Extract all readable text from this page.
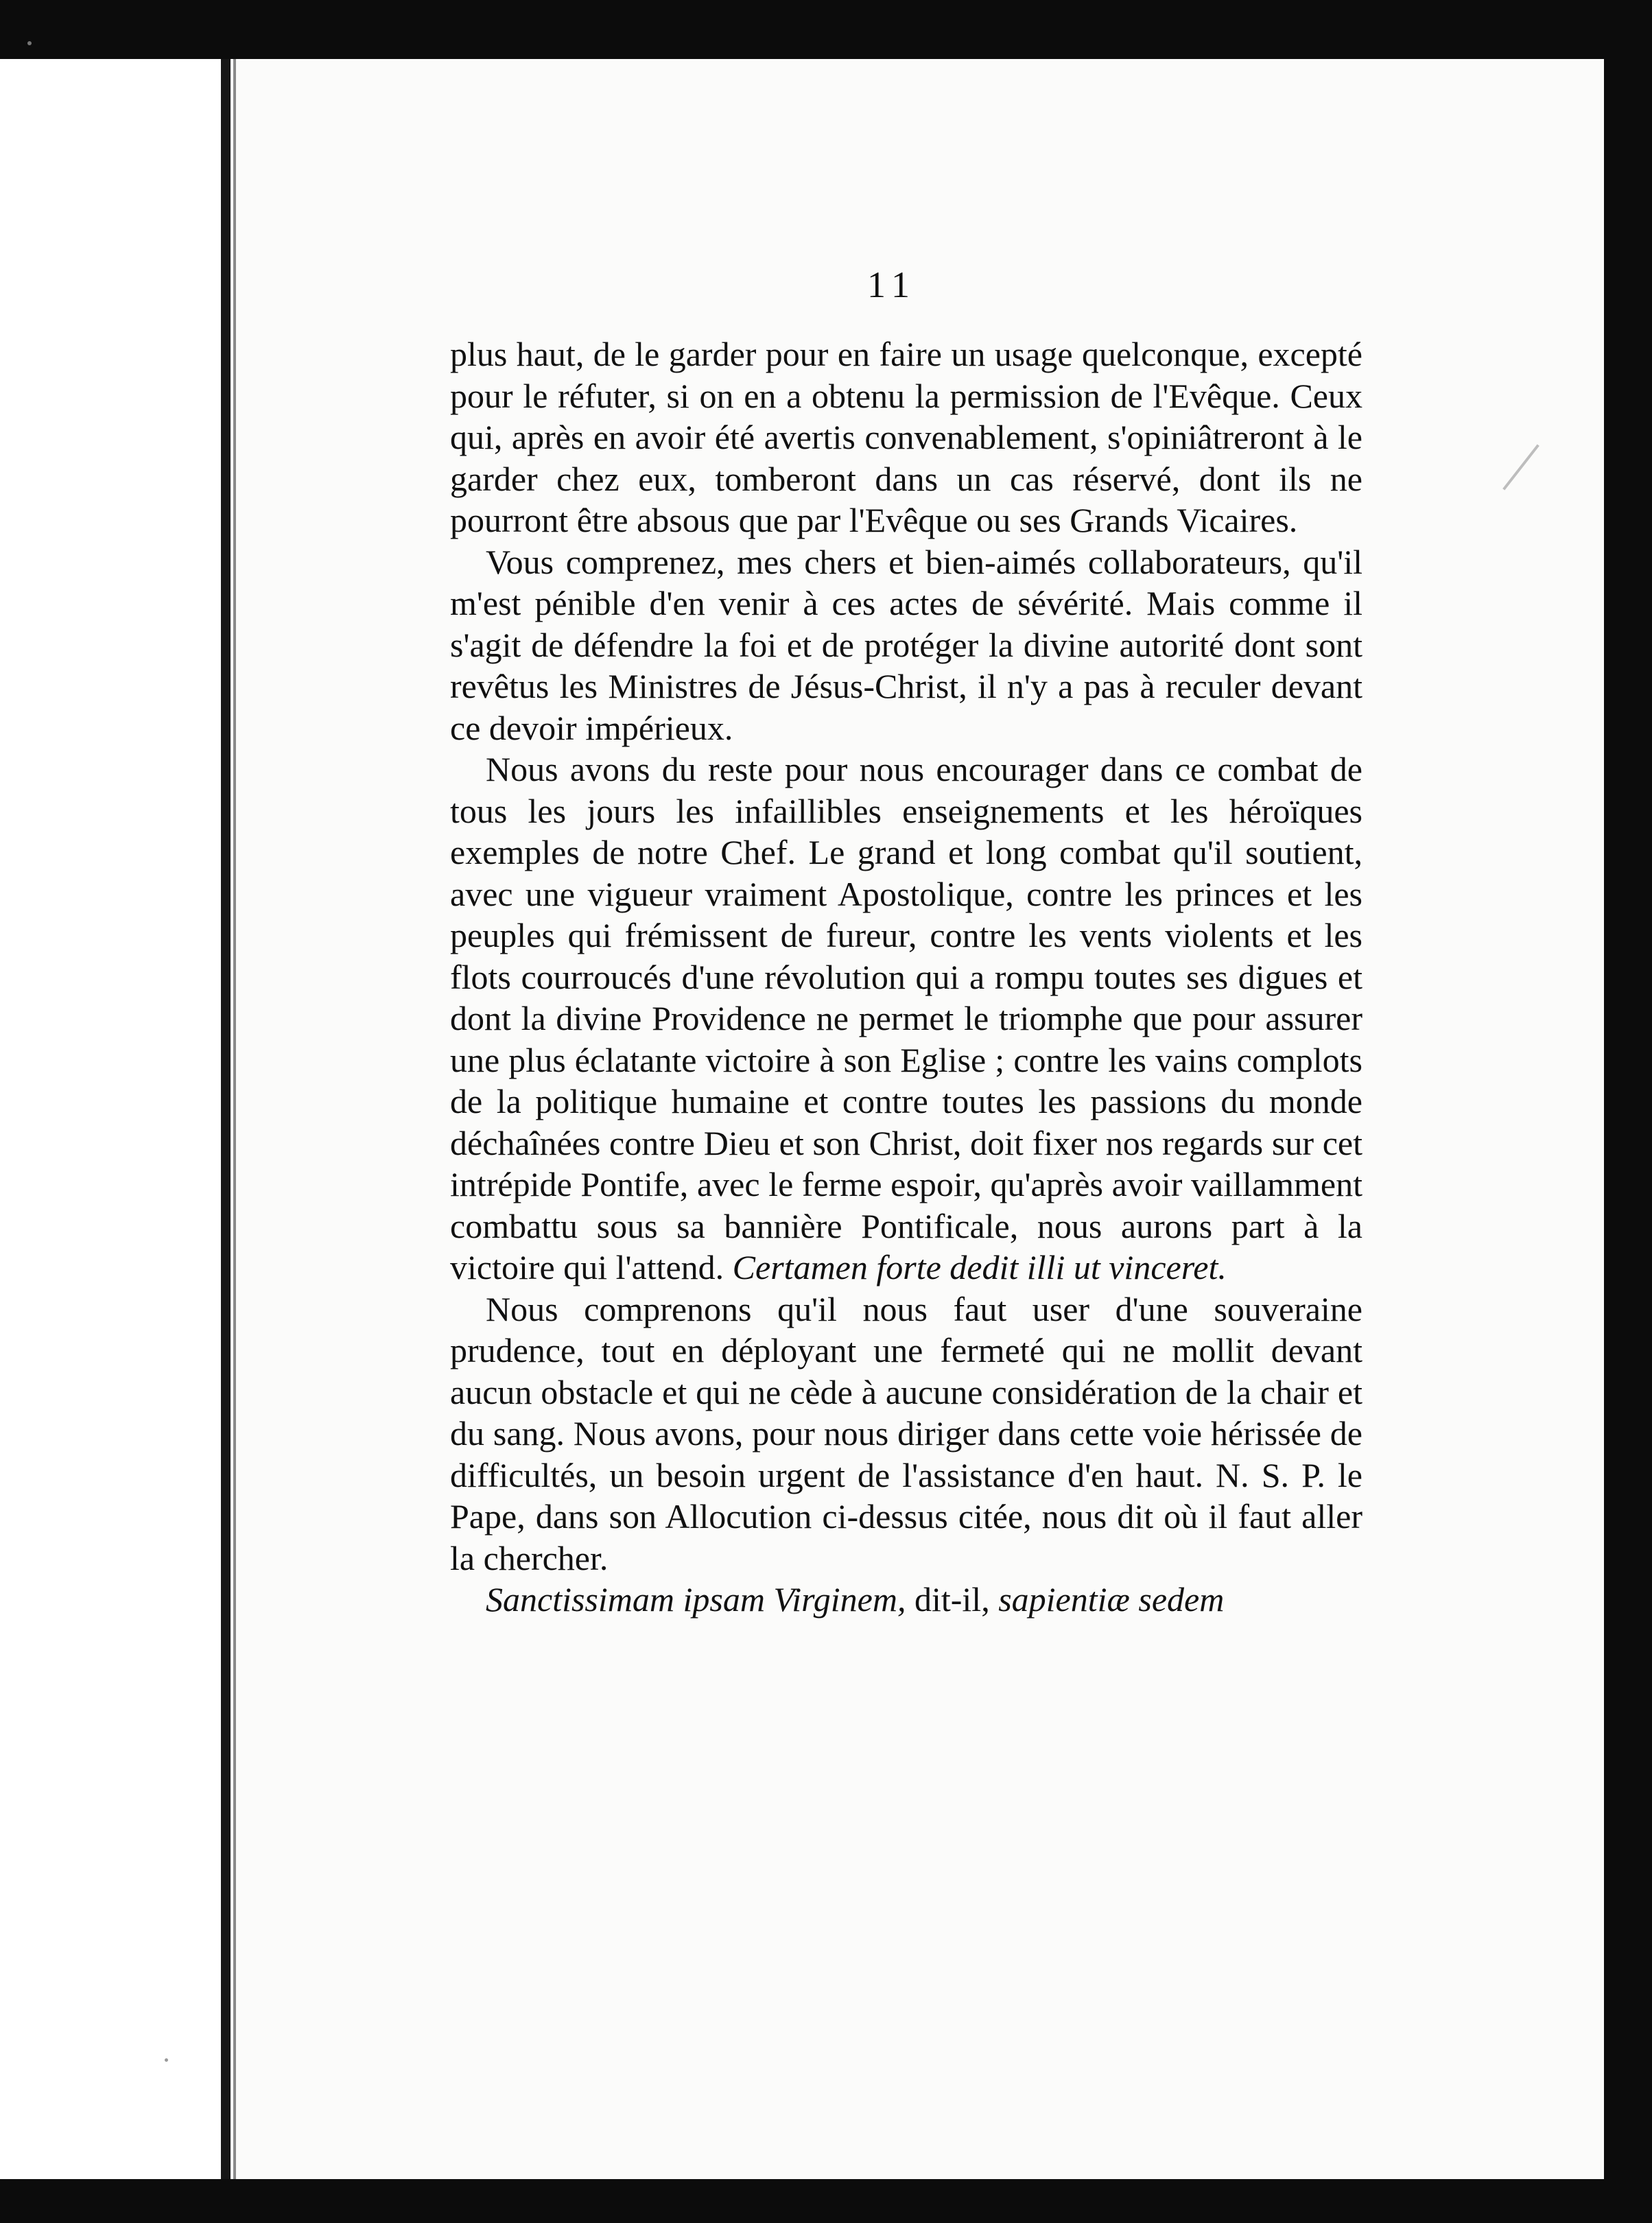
11

plus haut, de le garder pour en faire un usage quelconque, excepté pour le réfuter, si on en a obtenu la permission de l'Evêque. Ceux qui, après en avoir été avertis convenablement, s'opiniâtreront à le garder chez eux, tomberont dans un cas réservé, dont ils ne pourront être absous que par l'Evêque ou ses Grands Vicaires.

Vous comprenez, mes chers et bien-aimés collaborateurs, qu'il m'est pénible d'en venir à ces actes de sévérité. Mais comme il s'agit de défendre la foi et de protéger la divine autorité dont sont revêtus les Ministres de Jésus-Christ, il n'y a pas à reculer devant ce devoir impérieux.

Nous avons du reste pour nous encourager dans ce combat de tous les jours les infaillibles enseignements et les héroïques exemples de notre Chef. Le grand et long combat qu'il soutient, avec une vigueur vraiment Apostolique, contre les princes et les peuples qui frémissent de fureur, contre les vents violents et les flots courroucés d'une révolution qui a rompu toutes ses digues et dont la divine Providence ne permet le triomphe que pour assurer une plus éclatante victoire à son Eglise ; contre les vains complots de la politique humaine et contre toutes les passions du monde déchaînées contre Dieu et son Christ, doit fixer nos regards sur cet intrépide Pontife, avec le ferme espoir, qu'après avoir vaillamment combattu sous sa bannière Pontificale, nous aurons part à la victoire qui l'attend. Certamen forte dedit illi ut vinceret.

Nous comprenons qu'il nous faut user d'une souveraine prudence, tout en déployant une fermeté qui ne mollit devant aucun obstacle et qui ne cède à aucune considération de la chair et du sang. Nous avons, pour nous diriger dans cette voie hérissée de difficultés, un besoin urgent de l'assistance d'en haut. N. S. P. le Pape, dans son Allocution ci-dessus citée, nous dit où il faut aller la chercher.

Sanctissimam ipsam Virginem, dit-il, sapientiæ sedem
